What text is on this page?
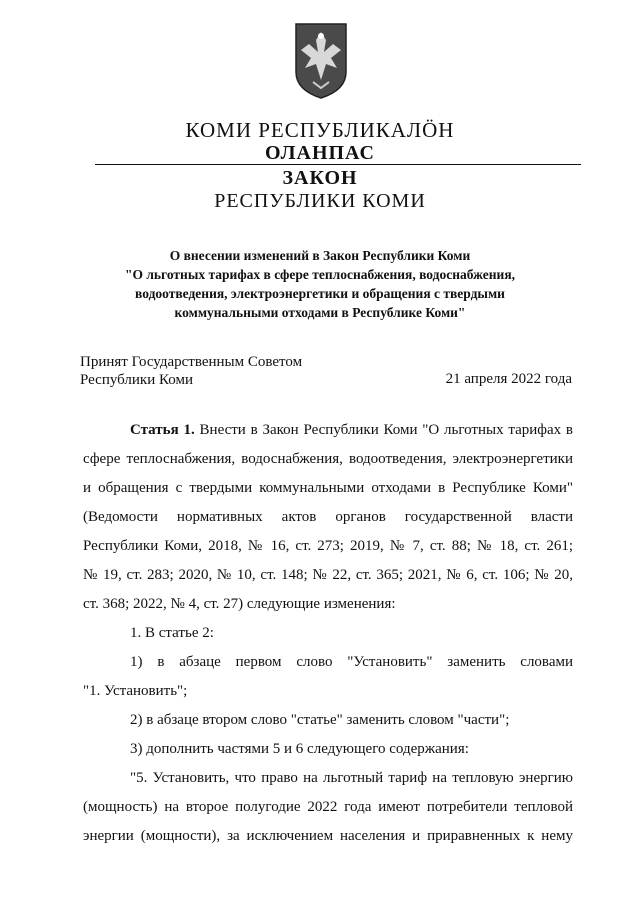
КОМИ РЕСПУБЛИКАЛÖН
ОЛАНПАС
ЗАКОН
РЕСПУБЛИКИ КОМИ
О внесении изменений в Закон Республики Коми
"О льготных тарифах в сфере теплоснабжения, водоснабжения,
водоотведения, электроэнергетики и обращения с твердыми
коммунальными отходами в Республике Коми"
Принят Государственным Советом
Республики Коми	21 апреля 2022 года
Статья 1. Внести в Закон Республики Коми "О льготных тарифах в
сфере теплоснабжения, водоснабжения, водоотведения, электроэнергетики
и обращения с твердыми коммунальными отходами в Республике Коми"
(Ведомости нормативных актов органов государственной власти
Республики Коми, 2018, № 16, ст. 273; 2019, № 7, ст. 88; № 18, ст. 261;
№ 19, ст. 283; 2020, № 10, ст. 148; № 22, ст. 365; 2021, № 6, ст. 106; № 20,
ст. 368; 2022, № 4, ст. 27) следующие изменения:
1. В статье 2:
1) в абзаце первом слово "Установить" заменить словами
"1. Установить";
2) в абзаце втором слово "статье" заменить словом "части";
3) дополнить частями 5 и 6 следующего содержания:
"5. Установить, что право на льготный тариф на тепловую энергию
(мощность) на второе полугодие 2022 года имеют потребители тепловой
энергии (мощности), за исключением населения и приравненных к нему
